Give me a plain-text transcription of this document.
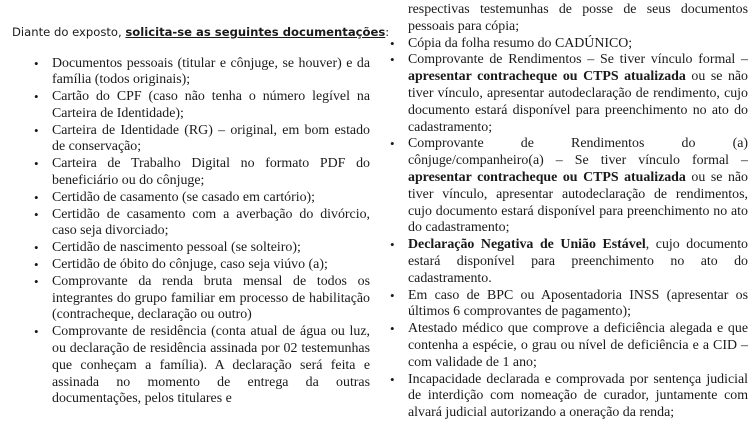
Diante do exposto, solicita-se as seguintes documentações:
• Documentos pessoais (titular e cônjuge, se houver) e da família (todos originais);
• Cartão do CPF (caso não tenha o número legível na Carteira de Identidade);
• Carteira de Identidade (RG) – original, em bom estado de conservação;
• Carteira de Trabalho Digital no formato PDF do beneficiário ou do cônjuge;
• Certidão de casamento (se casado em cartório);
• Certidão de casamento com a averbação do divórcio, caso seja divorciado;
• Certidão de nascimento pessoal (se solteiro);
• Certidão de óbito do cônjuge, caso seja viúvo (a);
• Comprovante da renda bruta mensal de todos os integrantes do grupo familiar em processo de habilitação (contracheque, declaração ou outro)
• Comprovante de residência (conta atual de água ou luz, ou declaração de residência assinada por 02 testemunhas que conheçam a família). A declaração será feita e assinada no momento de entrega da outras documentações, pelos titulares e
respectivas testemunhas de posse de seus documentos pessoais para cópia;
• Cópia da folha resumo do CADÚNICO;
• Comprovante de Rendimentos – Se tiver vínculo formal – apresentar contracheque ou CTPS atualizada ou se não tiver vínculo, apresentar autodeclaração de rendimento, cujo documento estará disponível para preenchimento no ato do cadastramento;
• Comprovante de Rendimentos do (a) cônjuge/companheiro(a) – Se tiver vínculo formal – apresentar contracheque ou CTPS atualizada ou se não tiver vínculo, apresentar autodeclaração de rendimentos, cujo documento estará disponível para preenchimento no ato do cadastramento;
• Declaração Negativa de União Estável, cujo documento estará disponível para preenchimento no ato do cadastramento.
• Em caso de BPC ou Aposentadoria INSS (apresentar os últimos 6 comprovantes de pagamento);
• Atestado médico que comprove a deficiência alegada e que contenha a espécie, o grau ou nível de deficiência e a CID – com validade de 1 ano;
• Incapacidade declarada e comprovada por sentença judicial de interdição com nomeação de curador, juntamente com alvará judicial autorizando a oneração da renda;
